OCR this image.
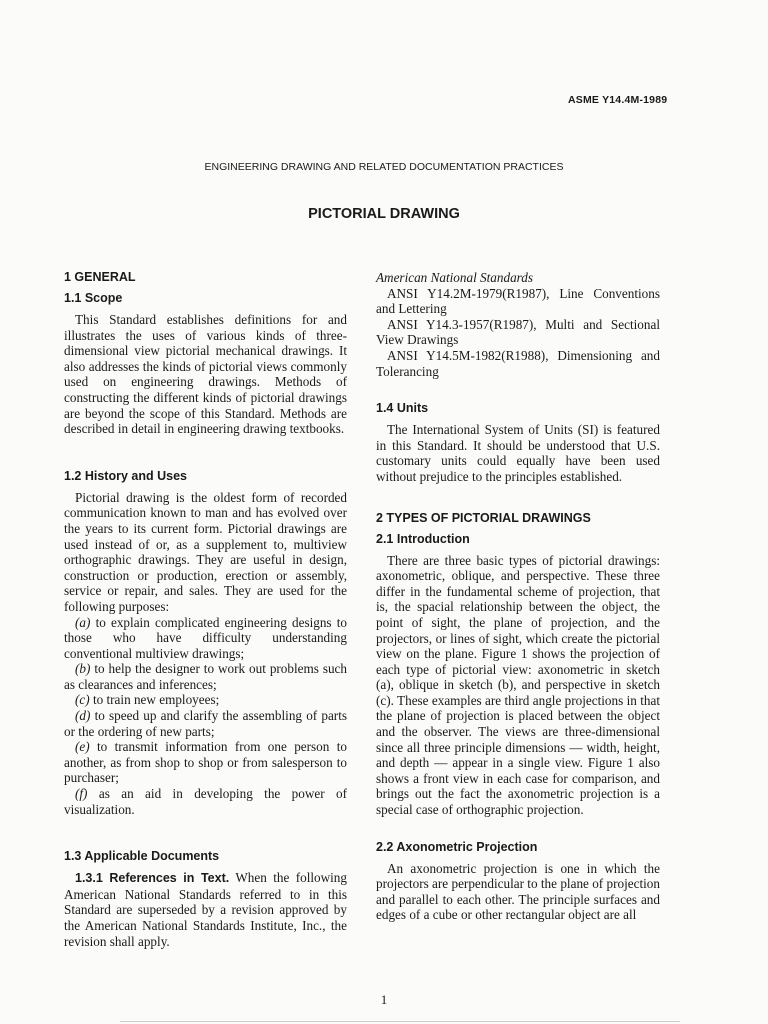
ASME Y14.4M-1989
ENGINEERING DRAWING AND RELATED DOCUMENTATION PRACTICES
PICTORIAL DRAWING
1 GENERAL
1.1 Scope

This Standard establishes definitions for and illustrates the uses of various kinds of three-dimensional view pictorial mechanical drawings. It also addresses the kinds of pictorial views commonly used on engineering drawings. Methods of constructing the different kinds of pictorial drawings are beyond the scope of this Standard. Methods are described in detail in engineering drawing textbooks.

1.2 History and Uses

Pictorial drawing is the oldest form of recorded communication known to man and has evolved over the years to its current form. Pictorial drawings are used instead of or, as a supplement to, multiview orthographic drawings. They are useful in design, construction or production, erection or assembly, service or repair, and sales. They are used for the following purposes:

(a) to explain complicated engineering designs to those who have difficulty understanding conventional multiview drawings;

(b) to help the designer to work out problems such as clearances and inferences;

(c) to train new employees;

(d) to speed up and clarify the assembling of parts or the ordering of new parts;

(e) to transmit information from one person to another, as from shop to shop or from salesperson to purchaser;

(f) as an aid in developing the power of visualization.

1.3 Applicable Documents

1.3.1 References in Text. When the following American National Standards referred to in this Standard are superseded by a revision approved by the American National Standards Institute, Inc., the revision shall apply.

American National Standards

ANSI Y14.2M-1979(R1987), Line Conventions and Lettering

ANSI Y14.3-1957(R1987), Multi and Sectional View Drawings

ANSI Y14.5M-1982(R1988), Dimensioning and Tolerancing

1.4 Units

The International System of Units (SI) is featured in this Standard. It should be understood that U.S. customary units could equally have been used without prejudice to the principles established.

2 TYPES OF PICTORIAL DRAWINGS
2.1 Introduction

There are three basic types of pictorial drawings: axonometric, oblique, and perspective. These three differ in the fundamental scheme of projection, that is, the spacial relationship between the object, the point of sight, the plane of projection, and the projectors, or lines of sight, which create the pictorial view on the plane. Figure 1 shows the projection of each type of pictorial view: axonometric in sketch (a), oblique in sketch (b), and perspective in sketch (c). These examples are third angle projections in that the plane of projection is placed between the object and the observer. The views are three-dimensional since all three principle dimensions — width, height, and depth — appear in a single view. Figure 1 also shows a front view in each case for comparison, and brings out the fact the axonometric projection is a special case of orthographic projection.

2.2 Axonometric Projection

An axonometric projection is one in which the projectors are perpendicular to the plane of projection and parallel to each other. The principle surfaces and edges of a cube or other rectangular object are all

1
